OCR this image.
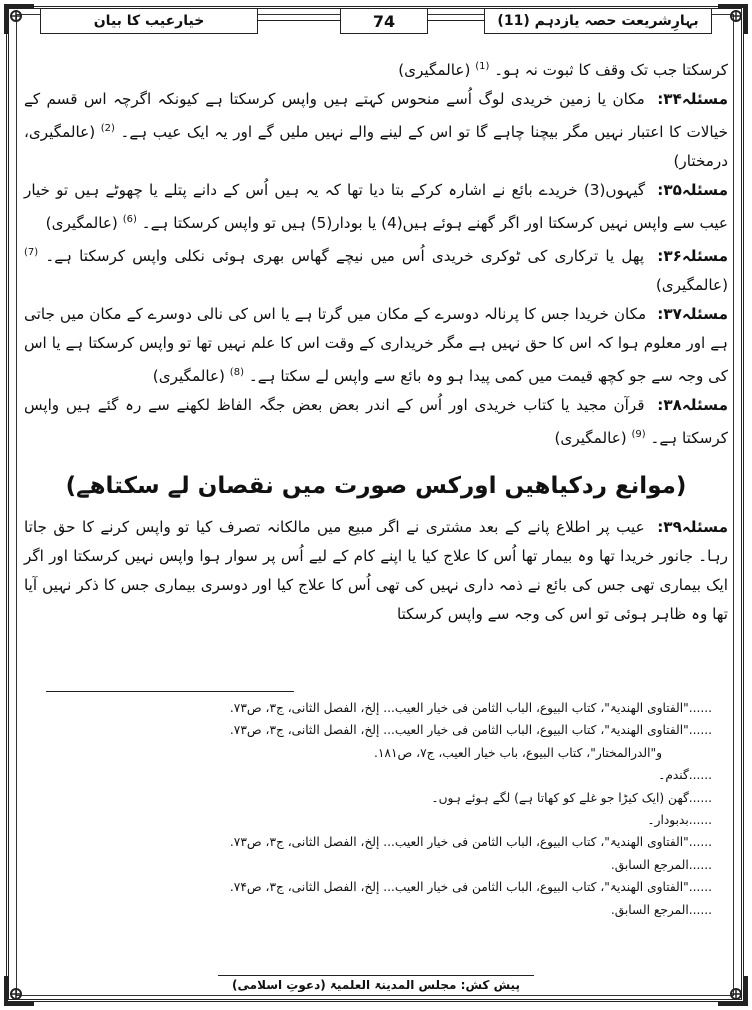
بہارِشریعت حصہ یازدہم (11)
74
خیارعیب کا بیان

کرسکتا جب تک وقف کا ثبوت نہ ہو۔ $^{(1)}$ (عالمگیری)

مسئلہ۳۴: مکان یا زمین خریدی لوگ اُسے منحوس کہتے ہیں واپس کرسکتا ہے کیونکہ اگرچہ اس قسم کے خیالات کا اعتبار نہیں مگر بیچنا چاہے گا تو اس کے لینے والے نہیں ملیں گے اور یہ ایک عیب ہے۔ $^{(2)}$ (عالمگیری، درمختار)

مسئلہ۳۵: گیہوں(3) خریدے بائع نے اشارہ کرکے بتا دیا تھا کہ یہ ہیں اُس کے دانے پتلے یا چھوٹے ہیں تو خیار عیب سے واپس نہیں کرسکتا اور اگر گھنے ہوئے ہیں(4) یا بودار(5) ہیں تو واپس کرسکتا ہے۔ $^{(6)}$ (عالمگیری)

مسئلہ۳۶: پھل یا ترکاری کی ٹوکری خریدی اُس میں نیچے گھاس بھری ہوئی نکلی واپس کرسکتا ہے۔ $^{(7)}$ (عالمگیری)

مسئلہ۳۷: مکان خریدا جس کا پرنالہ دوسرے کے مکان میں گرتا ہے یا اس کی نالی دوسرے کے مکان میں جاتی ہے اور معلوم ہوا کہ اس کا حق نہیں ہے مگر خریداری کے وقت اس کا علم نہیں تھا تو واپس کرسکتا ہے یا اس کی وجہ سے جو کچھ قیمت میں کمی پیدا ہو وہ بائع سے واپس لے سکتا ہے۔ $^{(8)}$ (عالمگیری)

مسئلہ۳۸: قرآن مجید یا کتاب خریدی اور اُس کے اندر بعض بعض جگہ الفاظ لکھنے سے رہ گئے ہیں واپس کرسکتا ہے۔ $^{(9)}$ (عالمگیری)

(موانع ردکیاھیں اورکس صورت میں نقصان لے سکتاھے)

مسئلہ۳۹: عیب پر اطلاع پانے کے بعد مشتری نے اگر مبیع میں مالکانہ تصرف کیا تو واپس کرنے کا حق جاتا رہا۔ جانور خریدا تھا وہ بیمار تھا اُس کا علاج کیا یا اپنے کام کے لیے اُس پر سوار ہوا واپس نہیں کرسکتا اور اگر ایک بیماری تھی جس کی بائع نے ذمہ داری نہیں کی تھی اُس کا علاج کیا اور دوسری بیماری جس کا ذکر نہیں آیا تھا وہ ظاہر ہوئی تو اس کی وجہ سے واپس کرسکتا

......"الفتاوی الھندیۃ"، کتاب البیوع، الباب الثامن فی خیار العیب... إلخ، الفصل الثانی، ج۳، ص۷۳.
......"الفتاوی الھندیۃ"، کتاب البیوع، الباب الثامن فی خیار العیب... إلخ، الفصل الثانی، ج۳، ص۷۳.
و"الدرالمختار"، کتاب البیوع، باب خیار العیب، ج۷، ص۱۸۱.
......گندم۔
......گھن (ایک کیڑا جو غلے کو کھاتا ہے) لگے ہوئے ہوں۔
......بدبودار۔
......"الفتاوی الھندیۃ"، کتاب البیوع، الباب الثامن فی خیار العیب... إلخ، الفصل الثانی، ج۳، ص۷۳.
......المرجع السابق.
......"الفتاوی الھندیۃ"، کتاب البیوع، الباب الثامن فی خیار العیب... إلخ، الفصل الثانی، ج۳، ص۷۴.
......المرجع السابق.
پیش کش: مجلس المدینۃ العلمیۃ (دعوتِ اسلامی)
